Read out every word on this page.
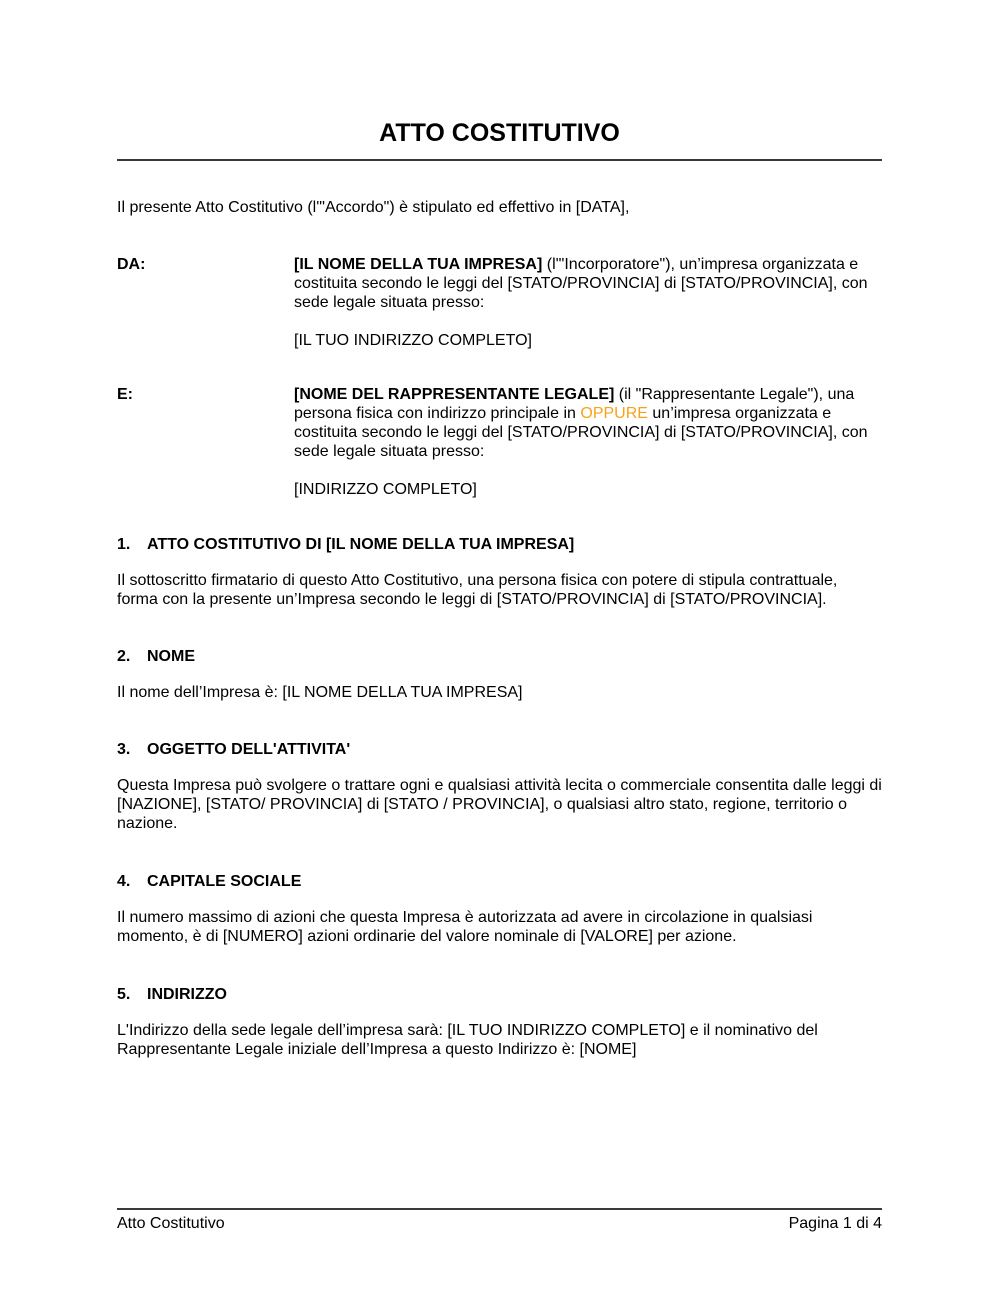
ATTO COSTITUTIVO

Il presente Atto Costitutivo (l'"Accordo") è stipulato ed effettivo in [DATA],

DA:	[IL NOME DELLA TUA IMPRESA] (l'"Incorporatore"), un’impresa organizzata e costituita secondo le leggi del [STATO/PROVINCIA] di [STATO/PROVINCIA], con sede legale situata presso:

[IL TUO INDIRIZZO COMPLETO]

E:	[NOME DEL RAPPRESENTANTE LEGALE] (il "Rappresentante Legale"), una persona fisica con indirizzo principale in OPPURE un’impresa organizzata e costituita secondo le leggi del [STATO/PROVINCIA] di [STATO/PROVINCIA], con sede legale situata presso:

[INDIRIZZO COMPLETO]

1.	ATTO COSTITUTIVO DI [IL NOME DELLA TUA IMPRESA]

Il sottoscritto firmatario di questo Atto Costitutivo, una persona fisica con potere di stipula contrattuale, forma con la presente un’Impresa secondo le leggi di [STATO/PROVINCIA] di [STATO/PROVINCIA].

2.	NOME

Il nome dell’Impresa è: [IL NOME DELLA TUA IMPRESA]

3.	OGGETTO DELL'ATTIVITA'

Questa Impresa può svolgere o trattare ogni e qualsiasi attività lecita o commerciale consentita dalle leggi di [NAZIONE], [STATO/ PROVINCIA] di [STATO / PROVINCIA], o qualsiasi altro stato, regione, territorio o nazione.

4.	CAPITALE SOCIALE

Il numero massimo di azioni che questa Impresa è autorizzata ad avere in circolazione in qualsiasi momento, è di [NUMERO] azioni ordinarie del valore nominale di [VALORE] per azione.

5.	INDIRIZZO

L'Indirizzo della sede legale dell’impresa sarà: [IL TUO INDIRIZZO COMPLETO] e il nominativo del Rappresentante Legale iniziale dell’Impresa a questo Indirizzo è: [NOME]

Atto Costitutivo	Pagina 1 di 4
